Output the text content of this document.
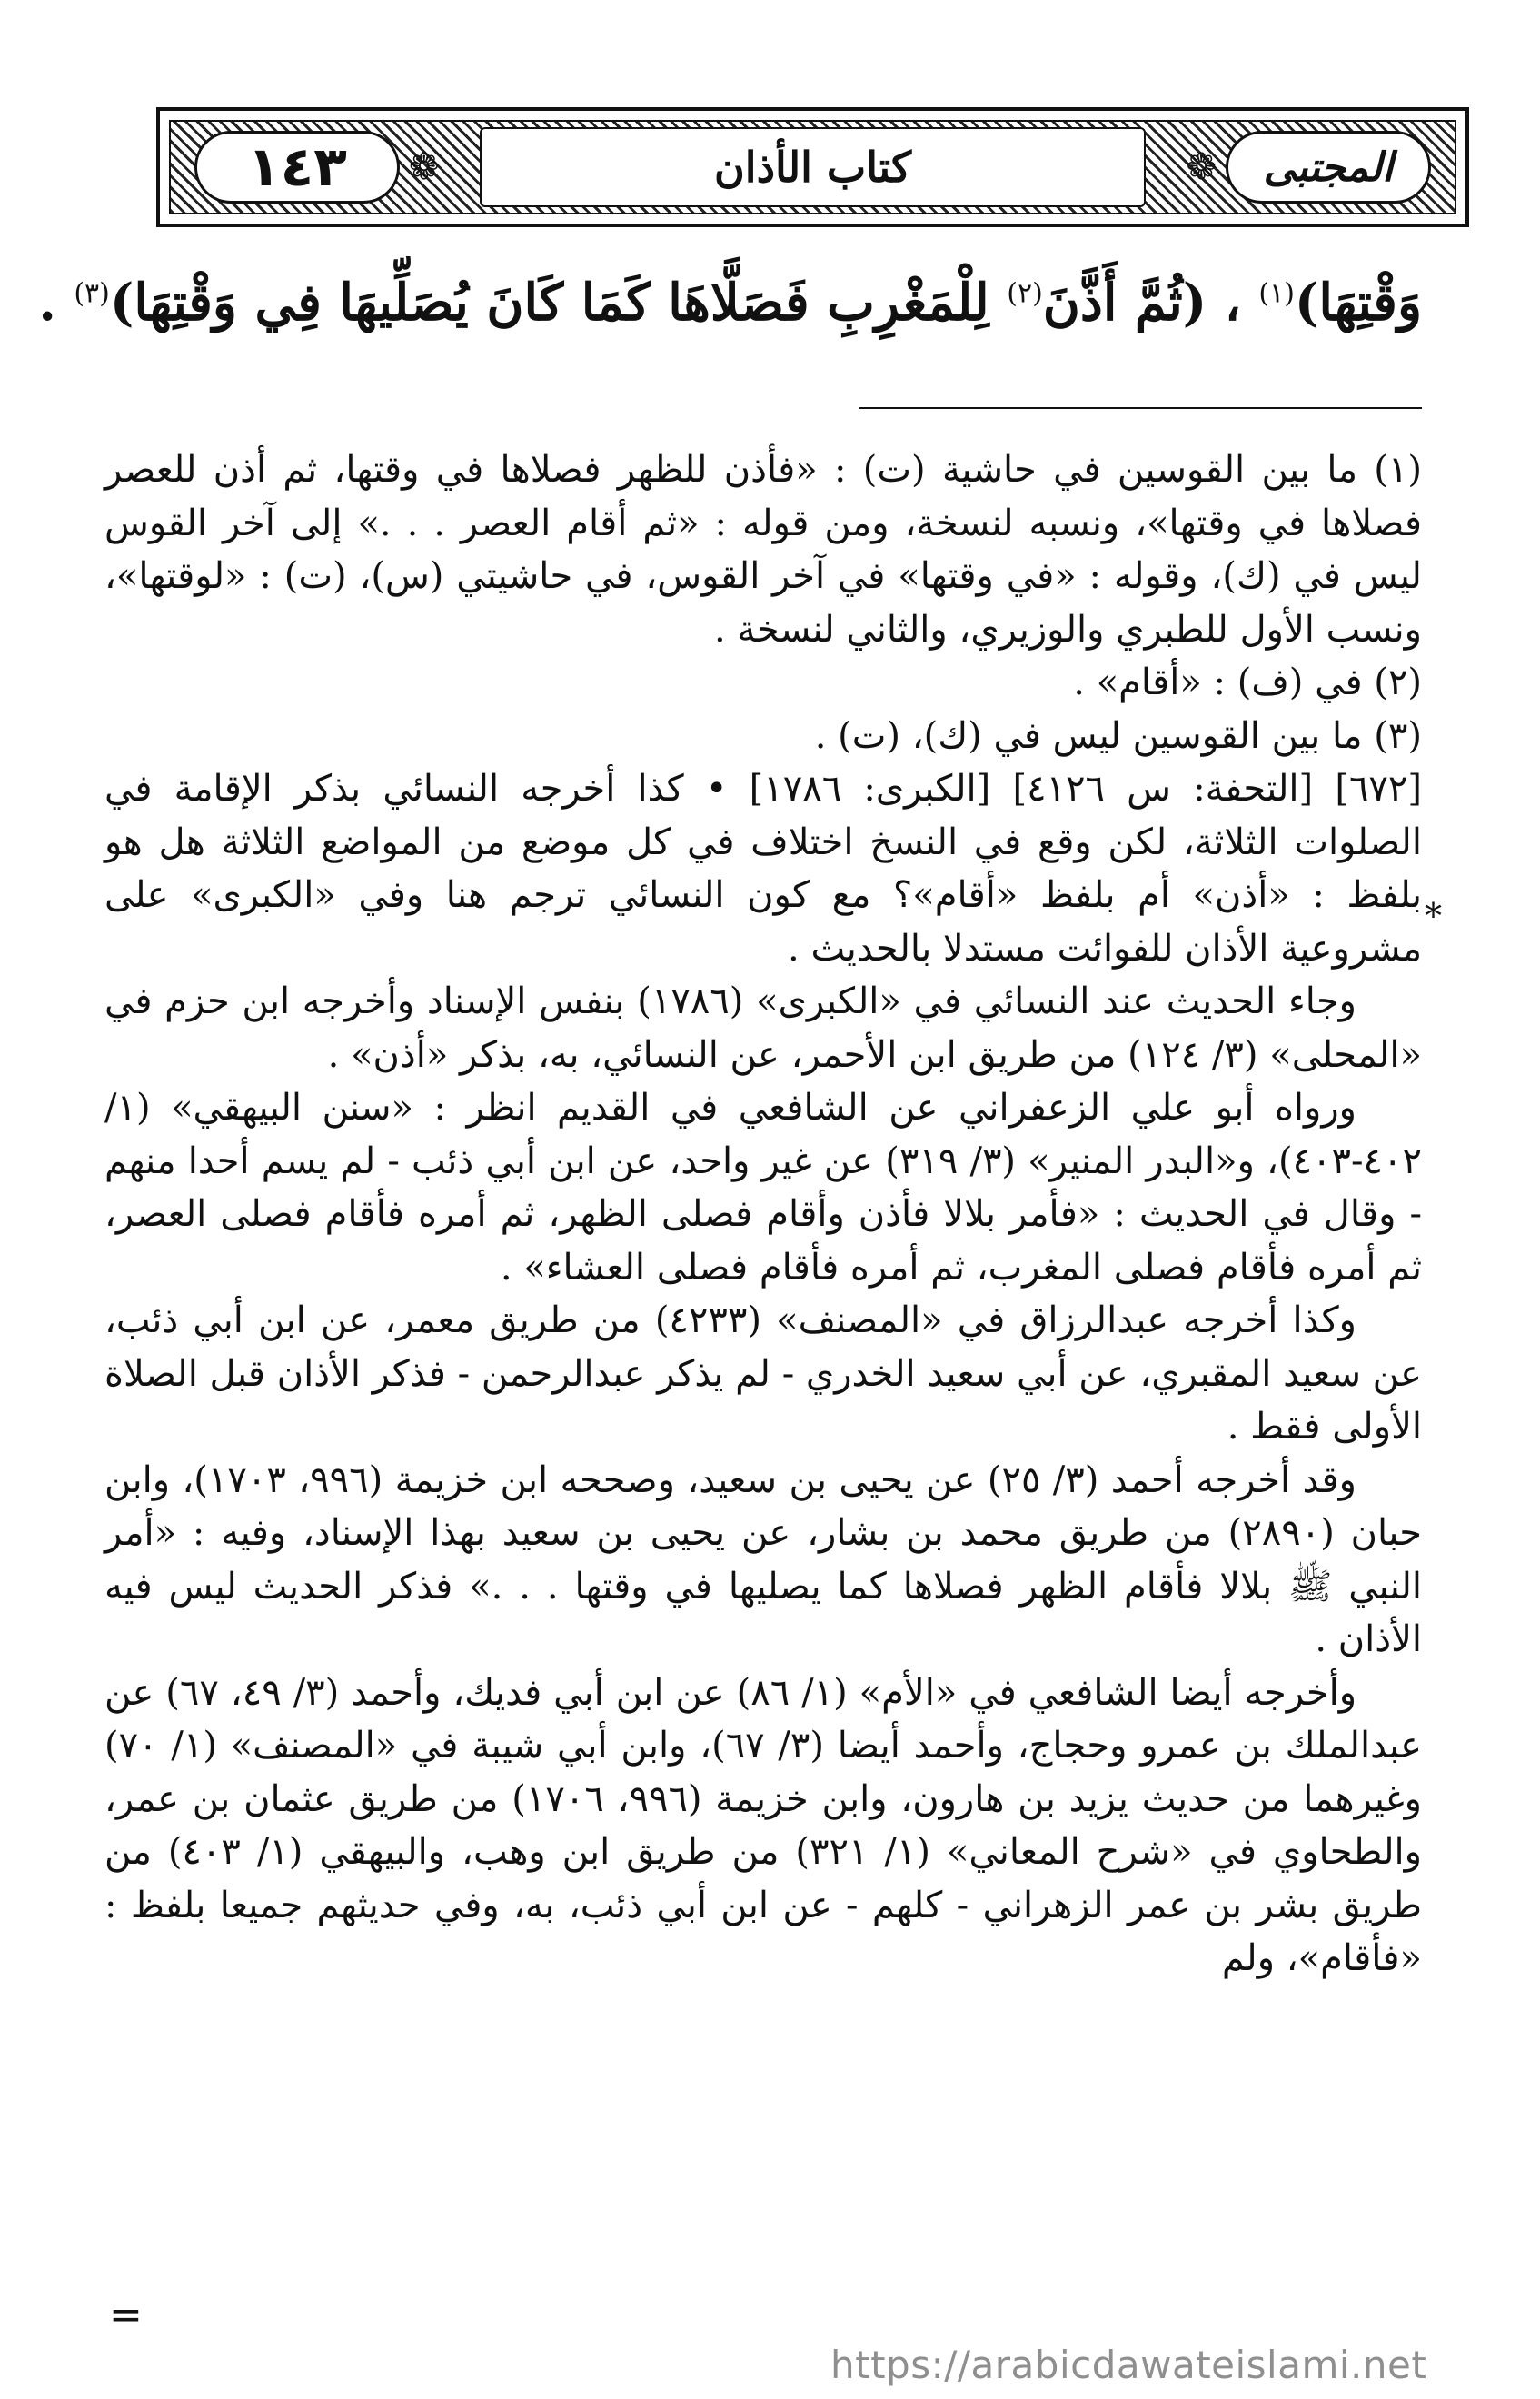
١٤٣	❁	كتاب الأذان	❁	المجتبى
وَقْتِهَا)$^{(١)}$ ، (ثُمَّ أَذَّنَ$^{(٢)}$ لِلْمَغْرِبِ فَصَلَّاهَا كَمَا كَانَ يُصَلِّيهَا فِي وَقْتِهَا)$^{(٣)}$ .
*

(١) ما بين القوسين في حاشية (ت) : «فأذن للظهر فصلاها في وقتها، ثم أذن للعصر فصلاها في وقتها»، ونسبه لنسخة، ومن قوله : «ثم أقام العصر . . .» إلى آخر القوس ليس في (ك)، وقوله : «في وقتها» في آخر القوس، في حاشيتي (س)، (ت) : «لوقتها»، ونسب الأول للطبري والوزيري، والثاني لنسخة .

(٢) في (ف) : «أقام» .

(٣) ما بين القوسين ليس في (ك)، (ت) .

[٦٧٢] [التحفة: س ٤١٢٦] [الكبرى: ١٧٨٦] • كذا أخرجه النسائي بذكر الإقامة في الصلوات الثلاثة، لكن وقع في النسخ اختلاف في كل موضع من المواضع الثلاثة هل هو بلفظ : «أذن» أم بلفظ «أقام»؟ مع كون النسائي ترجم هنا وفي «الكبرى» على مشروعية الأذان للفوائت مستدلا بالحديث .

وجاء الحديث عند النسائي في «الكبرى» (١٧٨٦) بنفس الإسناد وأخرجه ابن حزم في «المحلى» (٣/ ١٢٤) من طريق ابن الأحمر، عن النسائي، به، بذكر «أذن» .

ورواه أبو علي الزعفراني عن الشافعي في القديم انظر : «سنن البيهقي» (١/ ٤٠٢-٤٠٣)، و«البدر المنير» (٣/ ٣١٩) عن غير واحد، عن ابن أبي ذئب - لم يسم أحدا منهم - وقال في الحديث : «فأمر بلالا فأذن وأقام فصلى الظهر، ثم أمره فأقام فصلى العصر، ثم أمره فأقام فصلى المغرب، ثم أمره فأقام فصلى العشاء» .

وكذا أخرجه عبدالرزاق في «المصنف» (٤٢٣٣) من طريق معمر، عن ابن أبي ذئب، عن سعيد المقبري، عن أبي سعيد الخدري - لم يذكر عبدالرحمن - فذكر الأذان قبل الصلاة الأولى فقط .

وقد أخرجه أحمد (٣/ ٢٥) عن يحيى بن سعيد، وصححه ابن خزيمة (٩٩٦، ١٧٠٣)، وابن حبان (٢٨٩٠) من طريق محمد بن بشار، عن يحيى بن سعيد بهذا الإسناد، وفيه : «أمر النبي ﷺ بلالا فأقام الظهر فصلاها كما يصليها في وقتها . . .» فذكر الحديث ليس فيه الأذان .

وأخرجه أيضا الشافعي في «الأم» (١/ ٨٦) عن ابن أبي فديك، وأحمد (٣/ ٤٩، ٦٧) عن عبدالملك بن عمرو وحجاج، وأحمد أيضا (٣/ ٦٧)، وابن أبي شيبة في «المصنف» (١/ ٧٠) وغيرهما من حديث يزيد بن هارون، وابن خزيمة (٩٩٦، ١٧٠٦) من طريق عثمان بن عمر، والطحاوي في «شرح المعاني» (١/ ٣٢١) من طريق ابن وهب، والبيهقي (١/ ٤٠٣) من طريق بشر بن عمر الزهراني - كلهم - عن ابن أبي ذئب، به، وفي حديثهم جميعا بلفظ : «فأقام»، ولم

=
https://arabicdawateislami.net
